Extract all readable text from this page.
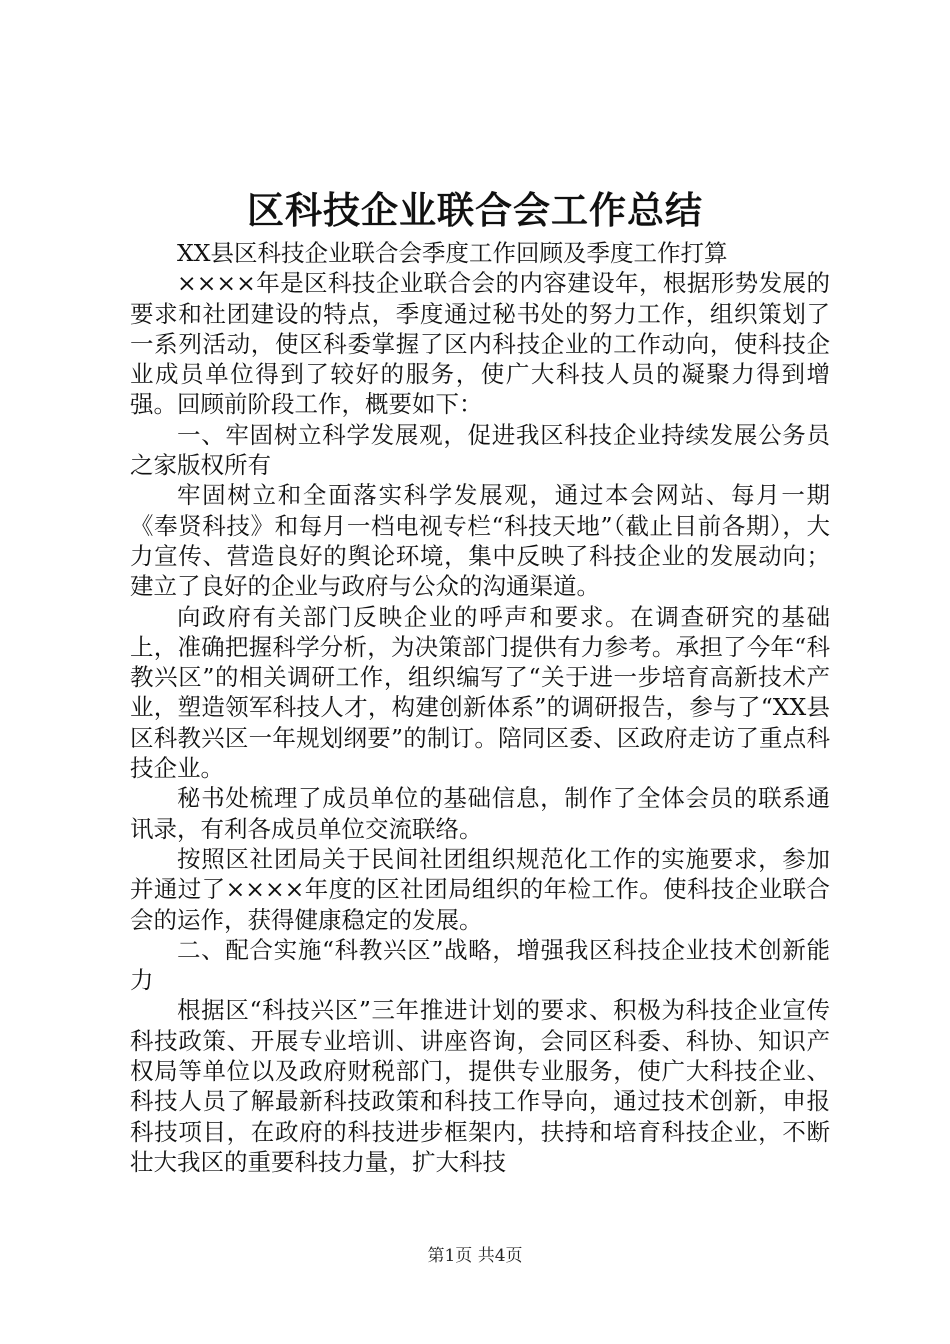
区科技企业联合会工作总结

XX县区科技企业联合会季度工作回顾及季度工作打算

××××年是区科技企业联合会的内容建设年，根据形势发展的要求和社团建设的特点，季度通过秘书处的努力工作，组织策划了一系列活动，使区科委掌握了区内科技企业的工作动向，使科技企业成员单位得到了较好的服务，使广大科技人员的凝聚力得到增强。回顾前阶段工作，概要如下：

一、牢固树立科学发展观，促进我区科技企业持续发展公务员之家版权所有

牢固树立和全面落实科学发展观，通过本会网站、每月一期《奉贤科技》和每月一档电视专栏“科技天地”（截止目前各期），大力宣传、营造良好的舆论环境，集中反映了科技企业的发展动向；建立了良好的企业与政府与公众的沟通渠道。

向政府有关部门反映企业的呼声和要求。在调查研究的基础上，准确把握科学分析，为决策部门提供有力参考。承担了今年“科教兴区”的相关调研工作，组织编写了“关于进一步培育高新技术产业，塑造领军科技人才，构建创新体系”的调研报告，参与了“XX县区科教兴区一年规划纲要”的制订。陪同区委、区政府走访了重点科技企业。

秘书处梳理了成员单位的基础信息，制作了全体会员的联系通讯录，有利各成员单位交流联络。

按照区社团局关于民间社团组织规范化工作的实施要求，参加并通过了××××年度的区社团局组织的年检工作。使科技企业联合会的运作，获得健康稳定的发展。

二、配合实施“科教兴区”战略，增强我区科技企业技术创新能力

根据区“科技兴区”三年推进计划的要求、积极为科技企业宣传科技政策、开展专业培训、讲座咨询，会同区科委、科协、知识产权局等单位以及政府财税部门，提供专业服务，使广大科技企业、科技人员了解最新科技政策和科技工作导向，通过技术创新，申报科技项目，在政府的科技进步框架内，扶持和培育科技企业，不断壮大我区的重要科技力量，扩大科技

第1页 共4页
